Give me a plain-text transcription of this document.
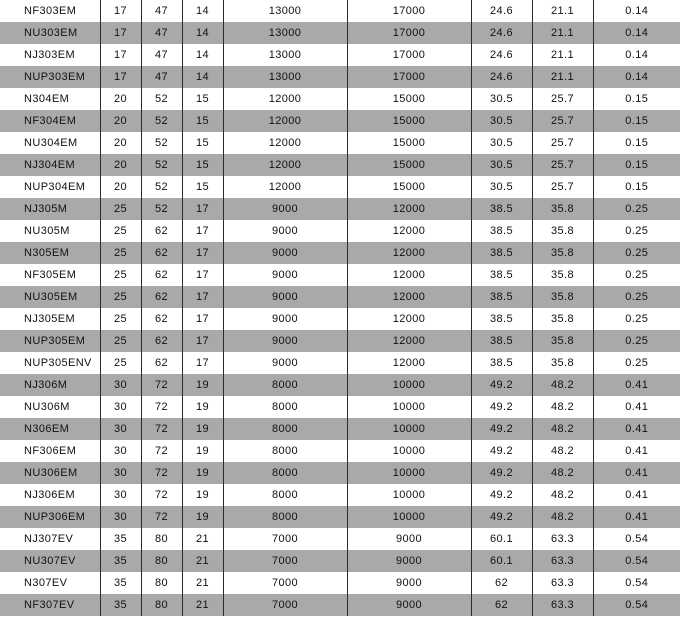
NF303EM	17	47	14	13000	17000	24.6	21.1	0.14
NU303EM	17	47	14	13000	17000	24.6	21.1	0.14
NJ303EM	17	47	14	13000	17000	24.6	21.1	0.14
NUP303EM	17	47	14	13000	17000	24.6	21.1	0.14
N304EM	20	52	15	12000	15000	30.5	25.7	0.15
NF304EM	20	52	15	12000	15000	30.5	25.7	0.15
NU304EM	20	52	15	12000	15000	30.5	25.7	0.15
NJ304EM	20	52	15	12000	15000	30.5	25.7	0.15
NUP304EM	20	52	15	12000	15000	30.5	25.7	0.15
NJ305M	25	52	17	9000	12000	38.5	35.8	0.25
NU305M	25	62	17	9000	12000	38.5	35.8	0.25
N305EM	25	62	17	9000	12000	38.5	35.8	0.25
NF305EM	25	62	17	9000	12000	38.5	35.8	0.25
NU305EM	25	62	17	9000	12000	38.5	35.8	0.25
NJ305EM	25	62	17	9000	12000	38.5	35.8	0.25
NUP305EM	25	62	17	9000	12000	38.5	35.8	0.25
NUP305ENV	25	62	17	9000	12000	38.5	35.8	0.25
NJ306M	30	72	19	8000	10000	49.2	48.2	0.41
NU306M	30	72	19	8000	10000	49.2	48.2	0.41
N306EM	30	72	19	8000	10000	49.2	48.2	0.41
NF306EM	30	72	19	8000	10000	49.2	48.2	0.41
NU306EM	30	72	19	8000	10000	49.2	48.2	0.41
NJ306EM	30	72	19	8000	10000	49.2	48.2	0.41
NUP306EM	30	72	19	8000	10000	49.2	48.2	0.41
NJ307EV	35	80	21	7000	9000	60.1	63.3	0.54
NU307EV	35	80	21	7000	9000	60.1	63.3	0.54
N307EV	35	80	21	7000	9000	62	63.3	0.54
NF307EV	35	80	21	7000	9000	62	63.3	0.54
